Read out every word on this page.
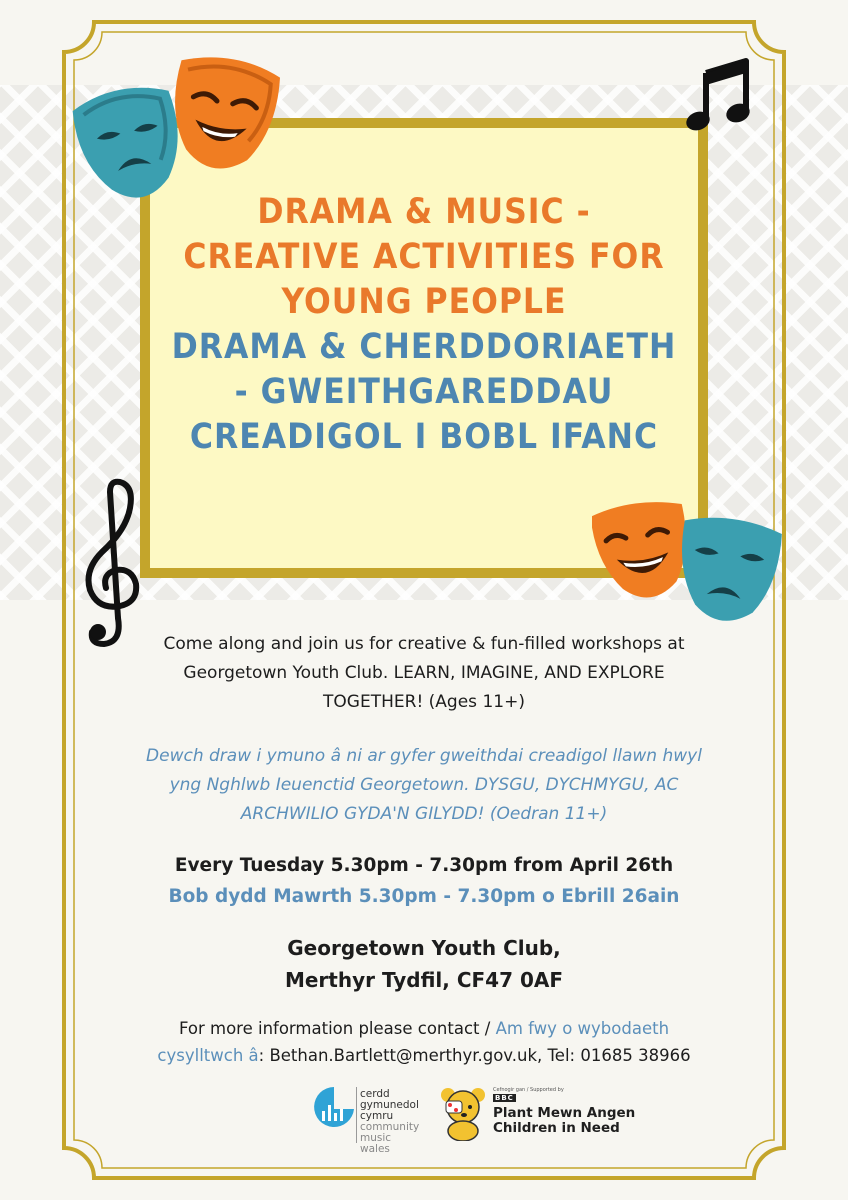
DRAMA & MUSIC -
CREATIVE ACTIVITIES FOR
YOUNG PEOPLE
DRAMA & CHERDDORIAETH
- GWEITHGAREDDAU
CREADIGOL I BOBL IFANC
Come along and join us for creative & fun-filled workshops at
Georgetown Youth Club. LEARN, IMAGINE, AND EXPLORE
TOGETHER! (Ages 11+)
Dewch draw i ymuno â ni ar gyfer gweithdai creadigol llawn hwyl
yng Nghlwb Ieuenctid Georgetown. DYSGU, DYCHMYGU, AC
ARCHWILIO GYDA'N GILYDD! (Oedran 11+)
Every Tuesday 5.30pm - 7.30pm from April 26th
Bob dydd Mawrth 5.30pm - 7.30pm o Ebrill 26ain
Georgetown Youth Club,
Merthyr Tydfil, CF47 0AF
For more information please contact / Am fwy o wybodaeth
cysylltwch â: Bethan.Bartlett@merthyr.gov.uk, Tel: 01685 38966
cerdd
gymunedol
cymru
community
music
wales
Cefnogir gan / Supported by
BBC
Plant Mewn Angen
Children in Need
